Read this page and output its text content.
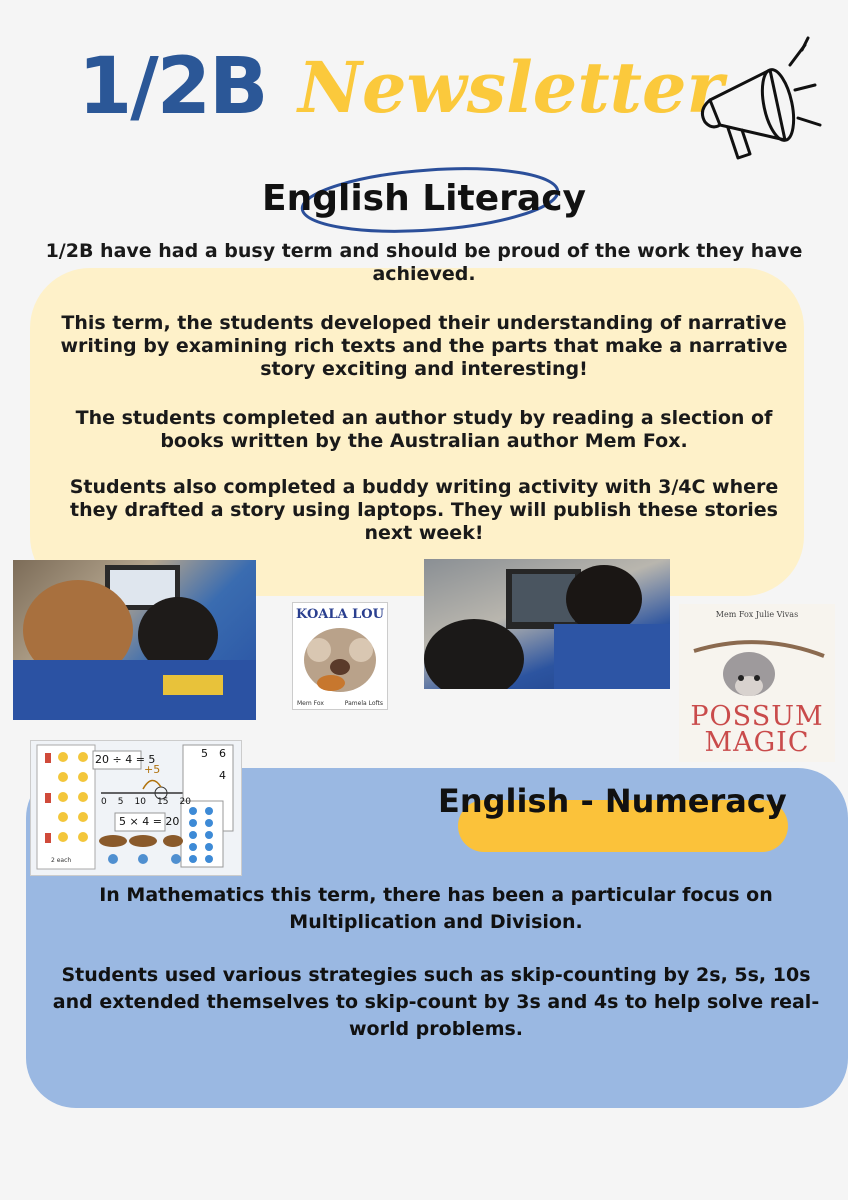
1/2B Newsletter
English Literacy
1/2B have had a busy term and should be proud of the work they have achieved.
This term, the students developed their understanding of narrative writing by examining rich texts and the parts that make a narrative story exciting and interesting!
The students completed an author study by reading a slection of books written by the Australian author Mem Fox.
Students also completed a buddy writing activity with 3/4C where they drafted a story using laptops. They will publish these stories next week!
KOALA LOU
Mem Fox	Pamela Lofts
Mem Fox Julie Vivas
POSSUM MAGIC
20 ÷ 4 = 5
5 × 4 = 20
+5
0 5 10 15 20
5 6
4
2 each
English - Numeracy
In Mathematics this term, there has been a particular focus on Multiplication and Division.
Students used various strategies such as skip-counting by 2s, 5s, 10s and extended themselves to skip-count by 3s and 4s to help solve real-world problems.
